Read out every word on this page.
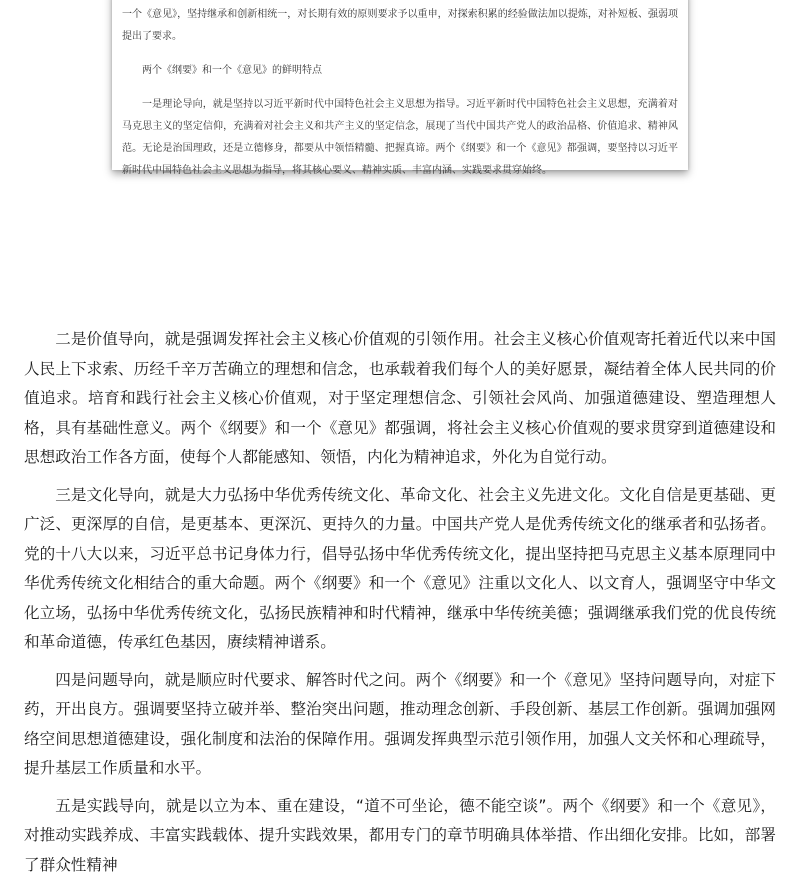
一个《意见》，坚持继承和创新相统一，对长期有效的原则要求予以重申，对探索积累的经验做法加以提炼，对补短板、强弱项提出了要求。

两个《纲要》和一个《意见》的鲜明特点

一是理论导向，就是坚持以习近平新时代中国特色社会主义思想为指导。习近平新时代中国特色社会主义思想，充满着对马克思主义的坚定信仰，充满着对社会主义和共产主义的坚定信念，展现了当代中国共产党人的政治品格、价值追求、精神风范。无论是治国理政，还是立德修身，都要从中领悟精髓、把握真谛。两个《纲要》和一个《意见》都强调，要坚持以习近平新时代中国特色社会主义思想为指导，将其核心要义、精神实质、丰富内涵、实践要求贯穿始终。

二是价值导向，就是强调发挥社会主义核心价值观的引领作用。社会主义核心价值观寄托着近代以来中国人民上下求索、历经千辛万苦确立的理想和信念，也承载着我们每个人的美好愿景，凝结着全体人民共同的价值追求。培育和践行社会主义核心价值观，对于坚定理想信念、引领社会风尚、加强道德建设、塑造理想人格，具有基础性意义。两个《纲要》和一个《意见》都强调，将社会主义核心价值观的要求贯穿到道德建设和思想政治工作各方面，使每个人都能感知、领悟，内化为精神追求，外化为自觉行动。

三是文化导向，就是大力弘扬中华优秀传统文化、革命文化、社会主义先进文化。文化自信是更基础、更广泛、更深厚的自信，是更基本、更深沉、更持久的力量。中国共产党人是优秀传统文化的继承者和弘扬者。党的十八大以来，习近平总书记身体力行，倡导弘扬中华优秀传统文化，提出坚持把马克思主义基本原理同中华优秀传统文化相结合的重大命题。两个《纲要》和一个《意见》注重以文化人、以文育人，强调坚守中华文化立场，弘扬中华优秀传统文化，弘扬民族精神和时代精神，继承中华传统美德；强调继承我们党的优良传统和革命道德，传承红色基因，赓续精神谱系。

四是问题导向，就是顺应时代要求、解答时代之问。两个《纲要》和一个《意见》坚持问题导向，对症下药，开出良方。强调要坚持立破并举、整治突出问题，推动理念创新、手段创新、基层工作创新。强调加强网络空间思想道德建设，强化制度和法治的保障作用。强调发挥典型示范引领作用，加强人文关怀和心理疏导，提升基层工作质量和水平。

五是实践导向，就是以立为本、重在建设，“道不可坐论，德不能空谈”。两个《纲要》和一个《意见》，对推动实践养成、丰富实践载体、提升实践效果，都用专门的章节明确具体举措、作出细化安排。比如，部署了群众性精神
